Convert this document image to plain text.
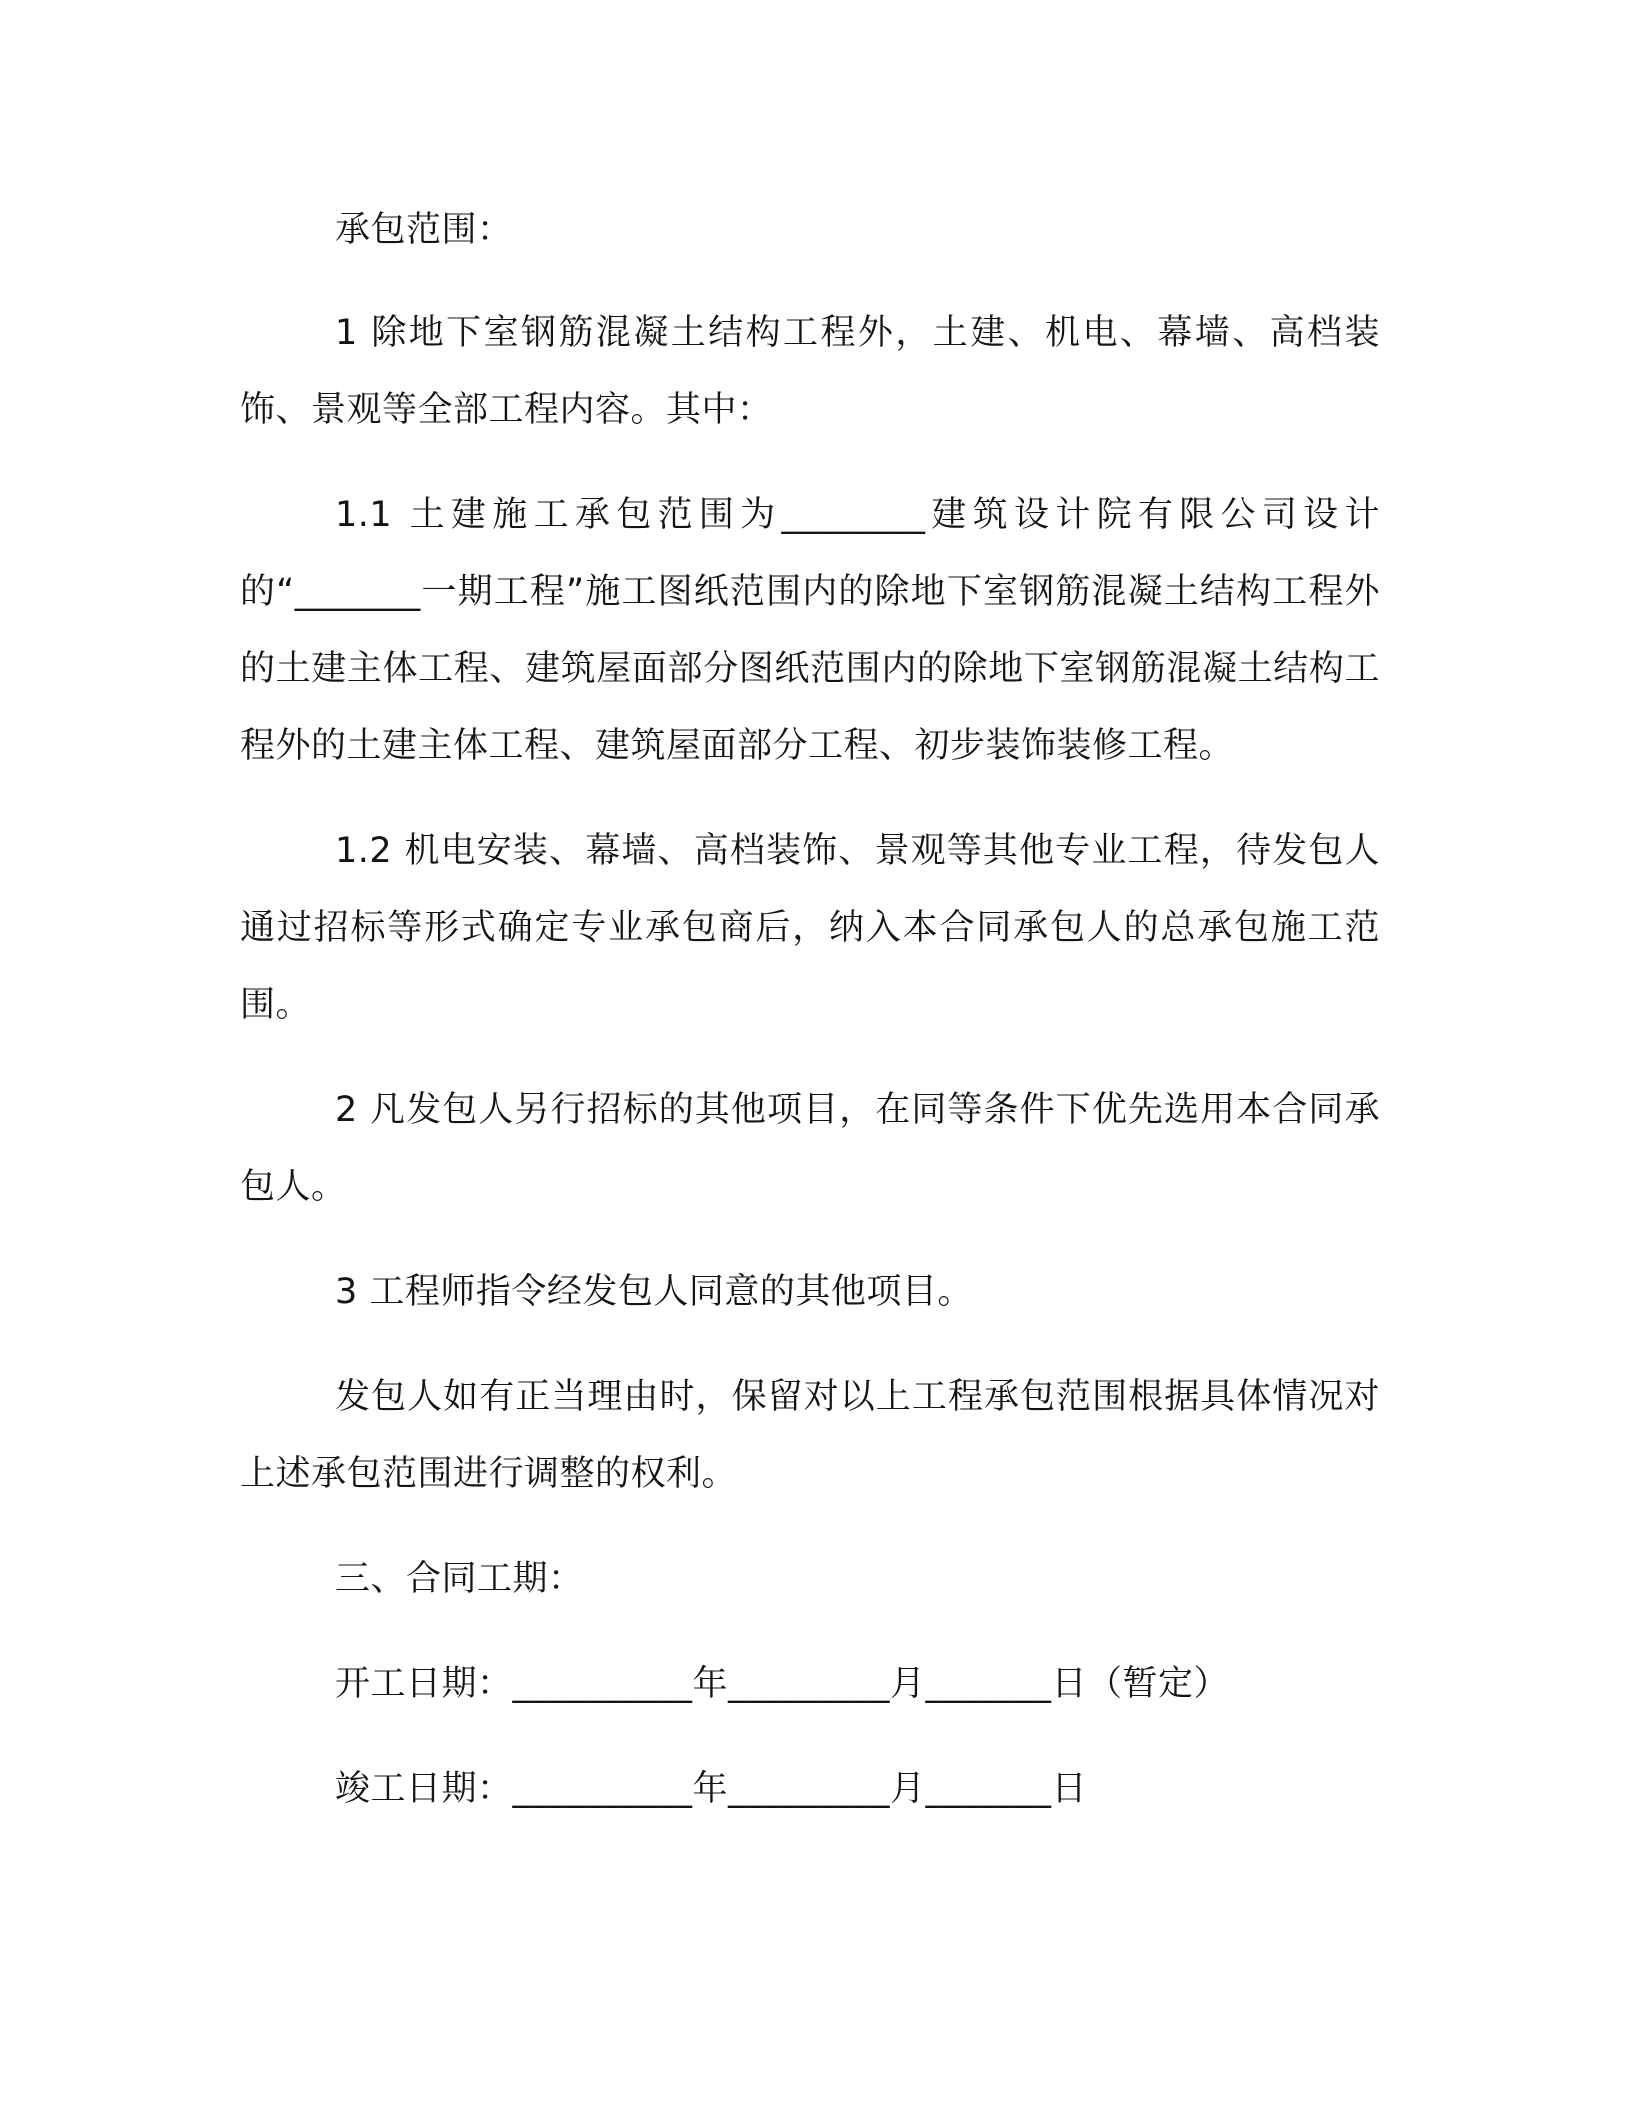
承包范围：

1 除地下室钢筋混凝土结构工程外，土建、机电、幕墙、高档装饰、景观等全部工程内容。其中：

1.1 土建施工承包范围为________建筑设计院有限公司设计的“_______一期工程”施工图纸范围内的除地下室钢筋混凝土结构工程外的土建主体工程、建筑屋面部分图纸范围内的除地下室钢筋混凝土结构工程外的土建主体工程、建筑屋面部分工程、初步装饰装修工程。

1.2 机电安装、幕墙、高档装饰、景观等其他专业工程，待发包人通过招标等形式确定专业承包商后，纳入本合同承包人的总承包施工范围。

2 凡发包人另行招标的其他项目，在同等条件下优先选用本合同承包人。

3 工程师指令经发包人同意的其他项目。

发包人如有正当理由时，保留对以上工程承包范围根据具体情况对上述承包范围进行调整的权利。

三、合同工期：

开工日期：__________年_________月_______日（暂定）

竣工日期：__________年_________月_______日
